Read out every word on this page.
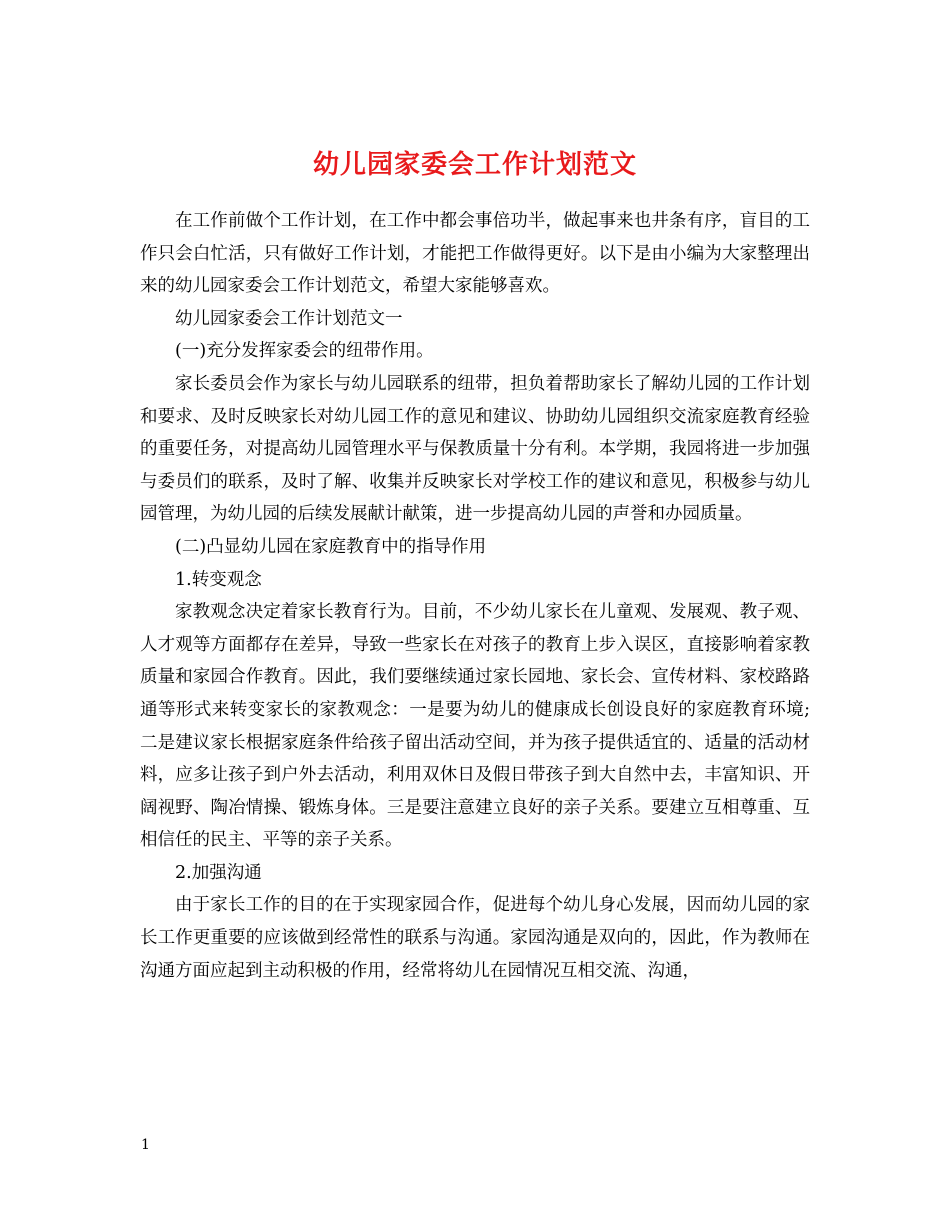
幼儿园家委会工作计划范文

在工作前做个工作计划，在工作中都会事倍功半，做起事来也井条有序，盲目的工作只会白忙活，只有做好工作计划，才能把工作做得更好。以下是由小编为大家整理出来的幼儿园家委会工作计划范文，希望大家能够喜欢。

幼儿园家委会工作计划范文一

(一)充分发挥家委会的纽带作用。

家长委员会作为家长与幼儿园联系的纽带，担负着帮助家长了解幼儿园的工作计划和要求、及时反映家长对幼儿园工作的意见和建议、协助幼儿园组织交流家庭教育经验的重要任务，对提高幼儿园管理水平与保教质量十分有利。本学期，我园将进一步加强与委员们的联系，及时了解、收集并反映家长对学校工作的建议和意见，积极参与幼儿园管理，为幼儿园的后续发展献计献策，进一步提高幼儿园的声誉和办园质量。

(二)凸显幼儿园在家庭教育中的指导作用

1.转变观念

家教观念决定着家长教育行为。目前，不少幼儿家长在儿童观、发展观、教子观、人才观等方面都存在差异，导致一些家长在对孩子的教育上步入误区，直接影响着家教质量和家园合作教育。因此，我们要继续通过家长园地、家长会、宣传材料、家校路路通等形式来转变家长的家教观念：一是要为幼儿的健康成长创设良好的家庭教育环境;二是建议家长根据家庭条件给孩子留出活动空间，并为孩子提供适宜的、适量的活动材料，应多让孩子到户外去活动，利用双休日及假日带孩子到大自然中去，丰富知识、开阔视野、陶冶情操、锻炼身体。三是要注意建立良好的亲子关系。要建立互相尊重、互相信任的民主、平等的亲子关系。

2.加强沟通

由于家长工作的目的在于实现家园合作，促进每个幼儿身心发展，因而幼儿园的家长工作更重要的应该做到经常性的联系与沟通。家园沟通是双向的，因此，作为教师在沟通方面应起到主动积极的作用，经常将幼儿在园情况互相交流、沟通，

1
